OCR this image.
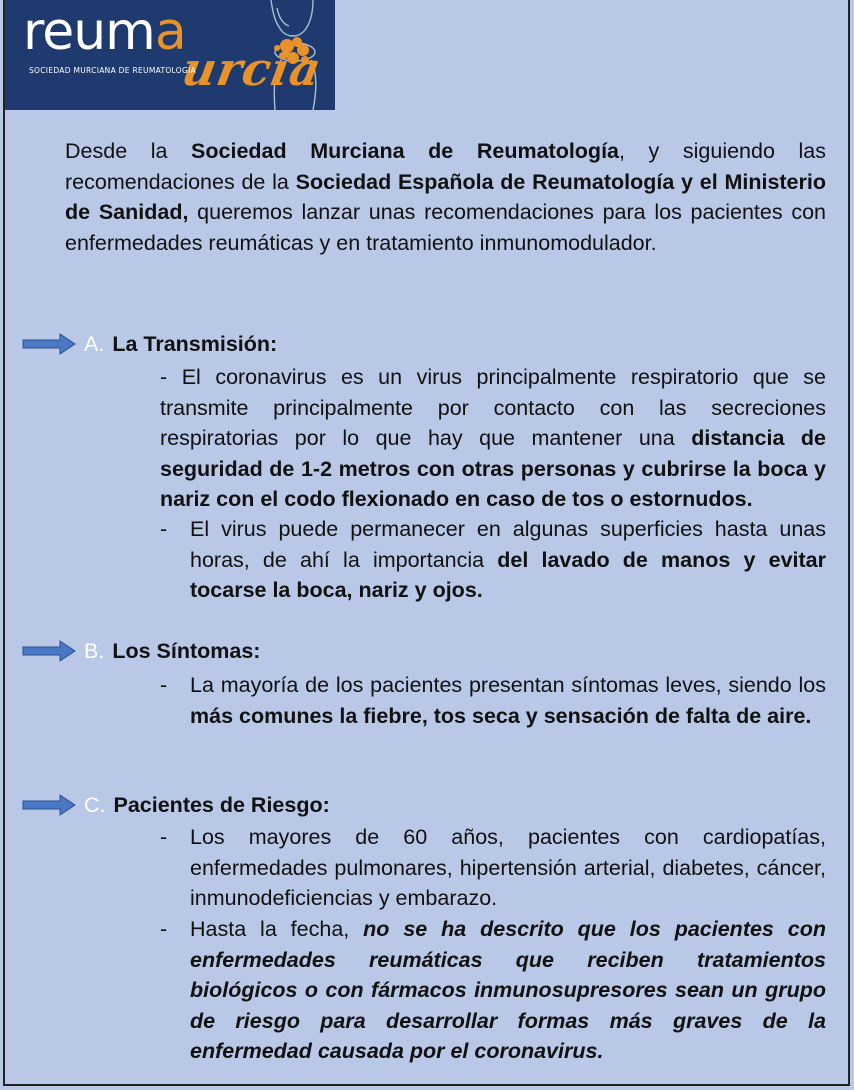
reuma
urcia
SOCIEDAD MURCIANA DE REUMATOLOGÍA
Desde la Sociedad Murciana de Reumatología, y siguiendo las recomendaciones de la Sociedad Española de Reumatología y el Ministerio de Sanidad, queremos lanzar unas recomendaciones para los pacientes con enfermedades reumáticas y en tratamiento inmunomodulador.
A. La Transmisión:
- El coronavirus es un virus principalmente respiratorio que se transmite principalmente por contacto con las secreciones respiratorias por lo que hay que mantener una distancia de seguridad de 1-2 metros con otras personas y cubrirse la boca y nariz con el codo flexionado en caso de tos o estornudos.
- El virus puede permanecer en algunas superficies hasta unas horas, de ahí la importancia del lavado de manos y evitar tocarse la boca, nariz y ojos.
B. Los Síntomas:
- La mayoría de los pacientes presentan síntomas leves, siendo los más comunes la fiebre, tos seca y sensación de falta de aire.
C. Pacientes de Riesgo:
- Los mayores de 60 años, pacientes con cardiopatías, enfermedades pulmonares, hipertensión arterial, diabetes, cáncer, inmunodeficiencias y embarazo.
- Hasta la fecha, no se ha descrito que los pacientes con enfermedades reumáticas que reciben tratamientos biológicos o con fármacos inmunosupresores sean un grupo de riesgo para desarrollar formas más graves de la enfermedad causada por el coronavirus.
